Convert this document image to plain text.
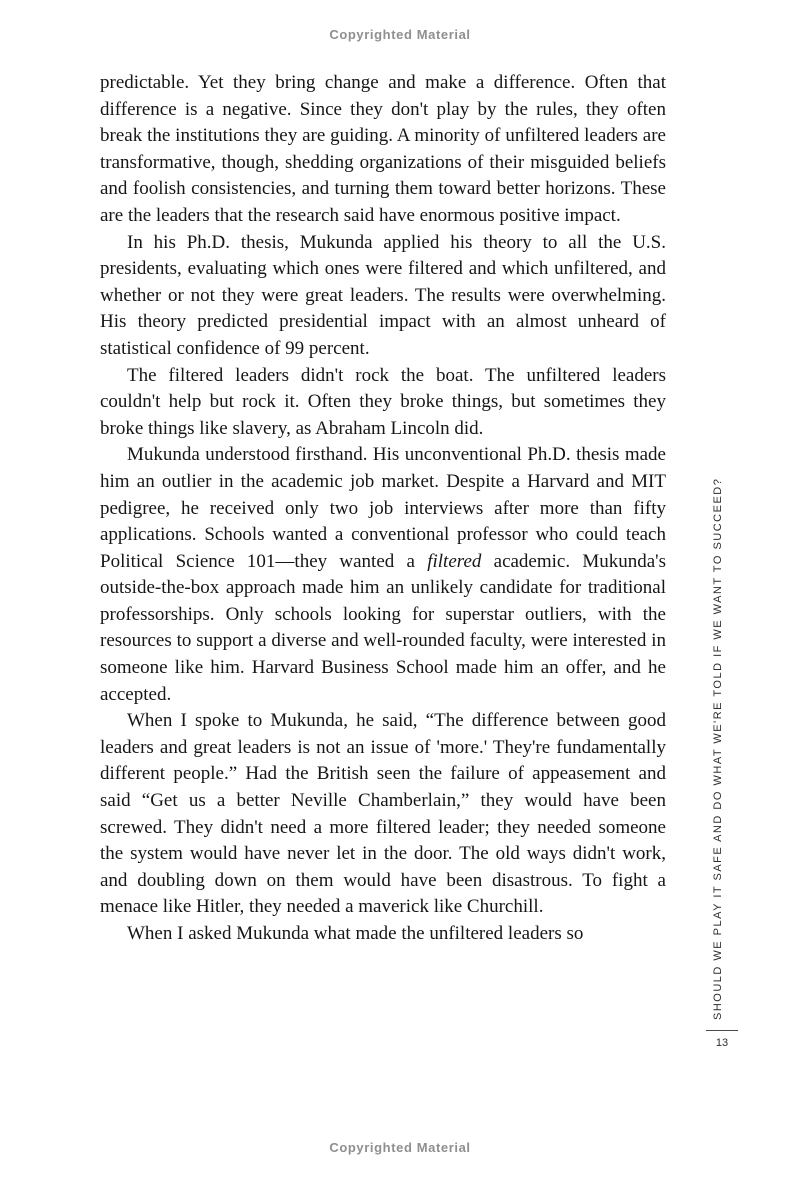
Copyrighted Material

predictable. Yet they bring change and make a difference. Often that difference is a negative. Since they don't play by the rules, they often break the institutions they are guiding. A minority of unfiltered leaders are transformative, though, shedding organizations of their misguided beliefs and foolish consistencies, and turning them toward better horizons. These are the leaders that the research said have enormous positive impact.

In his Ph.D. thesis, Mukunda applied his theory to all the U.S. presidents, evaluating which ones were filtered and which unfiltered, and whether or not they were great leaders. The results were overwhelming. His theory predicted presidential impact with an almost unheard of statistical confidence of 99 percent.

The filtered leaders didn't rock the boat. The unfiltered leaders couldn't help but rock it. Often they broke things, but sometimes they broke things like slavery, as Abraham Lincoln did.

Mukunda understood firsthand. His unconventional Ph.D. thesis made him an outlier in the academic job market. Despite a Harvard and MIT pedigree, he received only two job interviews after more than fifty applications. Schools wanted a conventional professor who could teach Political Science 101—they wanted a filtered academic. Mukunda's outside-the-box approach made him an unlikely candidate for traditional professorships. Only schools looking for superstar outliers, with the resources to support a diverse and well-rounded faculty, were interested in someone like him. Harvard Business School made him an offer, and he accepted.

When I spoke to Mukunda, he said, “The difference between good leaders and great leaders is not an issue of 'more.' They're fundamentally different people.” Had the British seen the failure of appeasement and said “Get us a better Neville Chamberlain,” they would have been screwed. They didn't need a more filtered leader; they needed someone the system would have never let in the door. The old ways didn't work, and doubling down on them would have been disastrous. To fight a menace like Hitler, they needed a maverick like Churchill.

When I asked Mukunda what made the unfiltered leaders so	SHOULD WE PLAY IT SAFE AND DO WHAT WE'RE TOLD IF WE WANT TO SUCCEED?
13
Copyrighted Material
